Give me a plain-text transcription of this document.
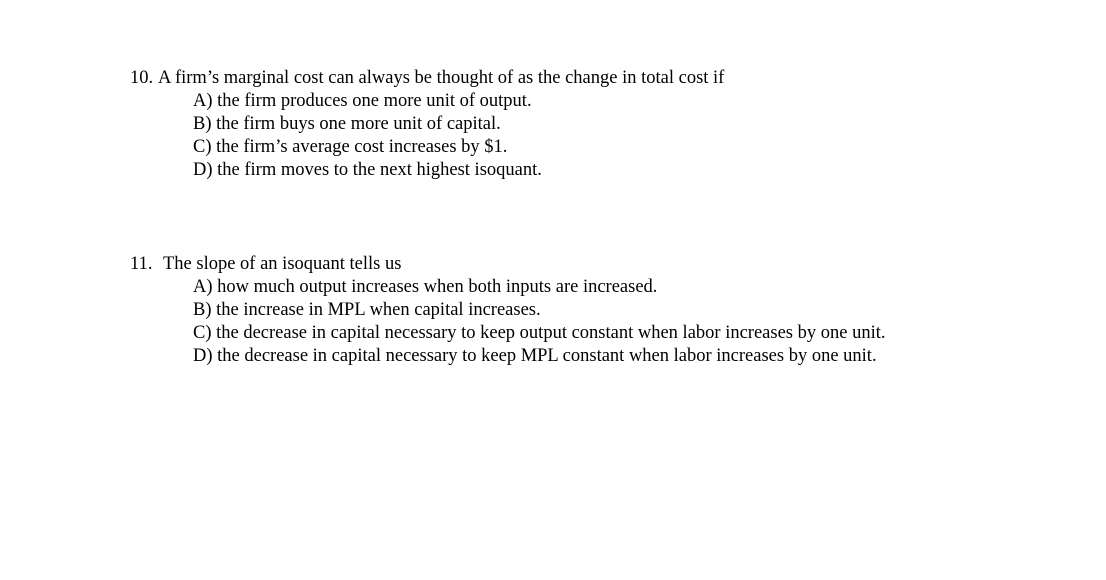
10. A firm’s marginal cost can always be thought of as the change in total cost if
A) the firm produces one more unit of output.
B) the firm buys one more unit of capital.
C) the firm’s average cost increases by $1.
D) the firm moves to the next highest isoquant.
11. The slope of an isoquant tells us
A) how much output increases when both inputs are increased.
B) the increase in MPL when capital increases.
C) the decrease in capital necessary to keep output constant when labor increases by one unit.
D) the decrease in capital necessary to keep MPL constant when labor increases by one unit.
